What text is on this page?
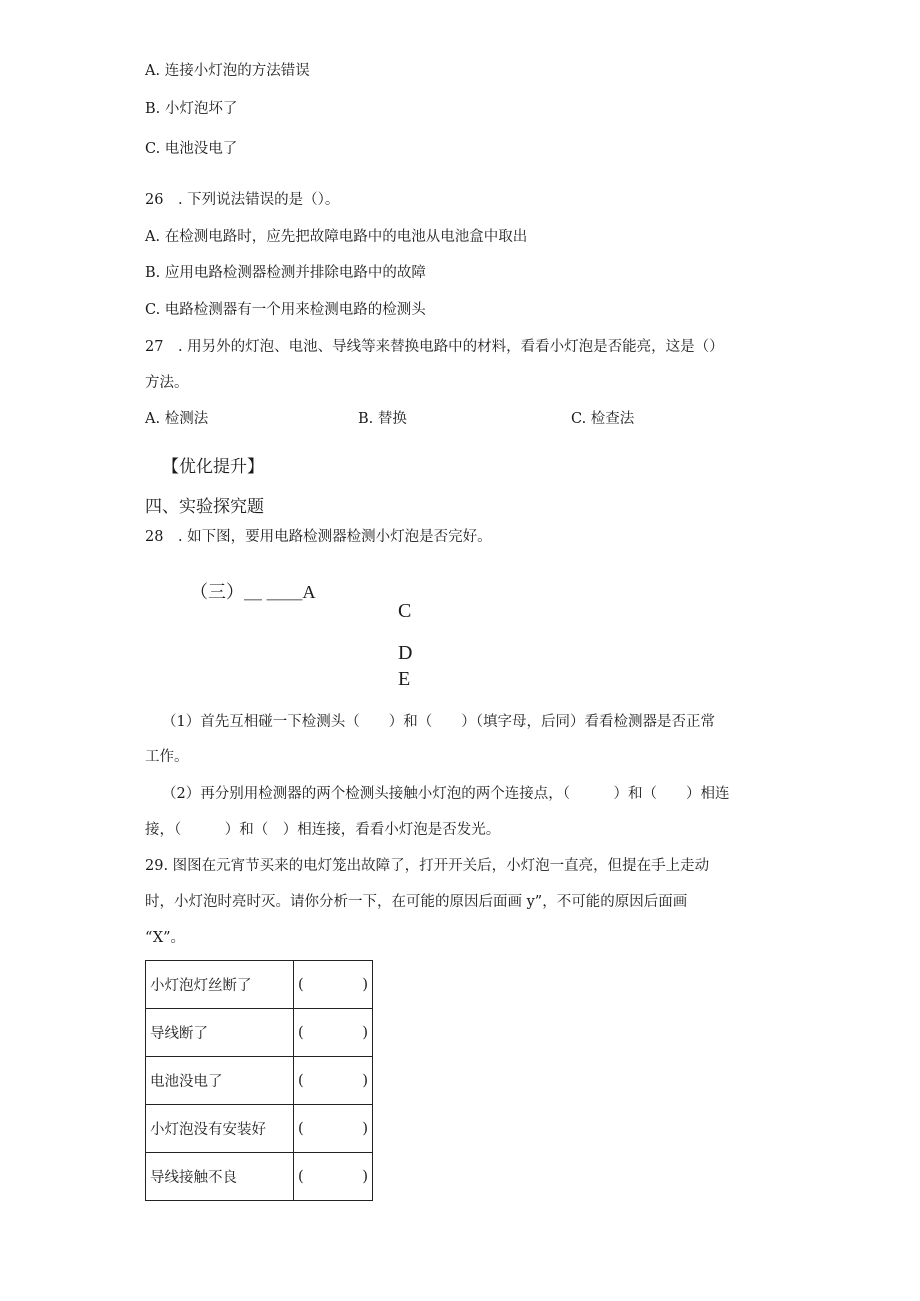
A. 连接小灯泡的方法错误
B. 小灯泡坏了
C. 电池没电了
26　. 下列说法错误的是（）。
A. 在检测电路时，应先把故障电路中的电池从电池盒中取出
B. 应用电路检测器检测并排除电路中的故障
C. 电路检测器有一个用来检测电路的检测头
27　. 用另外的灯泡、电池、导线等来替换电路中的材料，看看小灯泡是否能亮，这是（）
方法。
A. 检测法	B. 替换	C. 检查法
【优化提升】
四、实验探究题
28　. 如下图，要用电路检测器检测小灯泡是否完好。
（三）＿ ＿＿A
C
D
E
（1）首先互相碰一下检测头（　　）和（　　）（填字母，后同）看看检测器是否正常
工作。
（2）再分别用检测器的两个检测头接触小灯泡的两个连接点，（　　　）和（　　）相连
接，（　　　）和（　）相连接，看看小灯泡是否发光。
29. 图图在元宵节买来的电灯笼出故障了，打开开关后，小灯泡一直亮，但提在手上走动
时，小灯泡时亮时灭。请你分析一下，在可能的原因后面画 y”，不可能的原因后面画
“X”。
小灯泡灯丝断了	( )

导线断了	( )

电池没电了	( )

小灯泡没有安装好	( )

导线接触不良	( )
